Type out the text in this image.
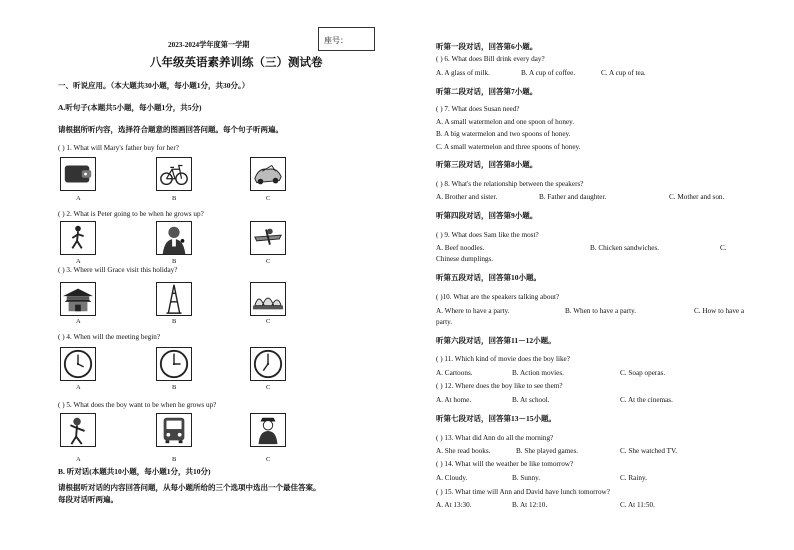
座号：
2023-2024学年度第一学期
八年级英语素养训练（三）测试卷
一、听说应用。（本大题共30小题，每小题1分，共30分。）
A.听句子(本题共5小题，每小题1分，共5分)
请根据所听内容，选择符合题意的图画回答问题。每个句子听两遍。
( ) 1. What will Mary's father buy for her?
A	B	C
( ) 2. What is Peter going to be when he grows up?
A	B	C
( ) 3. Where will Grace visit this holiday?
A	B	C
( ) 4. When will the meeting begin?
A	B	C
( ) 5. What does the boy want to be when he grows up?
A	B	C
B. 听对话(本题共10小题，每小题1分，共10分)
请根据听对话的内容回答问题，从每小题所给的三个选项中选出一个最佳答案。
每段对话听两遍。
听第一段对话，回答第6小题。
( ) 6. What does Bill drink every day?
A. A glass of milk.	B. A cup of coffee.	C. A cup of tea.
听第二段对话，回答第7小题。
( ) 7. What does Susan need?
A. A small watermelon and one spoon of honey.
B. A big watermelon and two spoons of honey.
C. A small watermelon and three spoons of honey.
听第三段对话，回答第8小题。
( ) 8. What's the relationship between the speakers?
A. Brother and sister.	B. Father and daughter.	C. Mother and son.
听第四段对话，回答第9小题。
( ) 9. What does Sam like the most?
A. Beef noodles.	B. Chicken sandwiches.	C.
Chinese dumplings.
听第五段对话，回答第10小题。
( )10. What are the speakers talking about?
A. Where to have a party.	B. When to have a party.	C. How to have a
party.
听第六段对话，回答第11－12小题。
( ) 11. Which kind of movie does the boy like?
A. Cartoons.	B. Action movies.	C. Soap operas.
( ) 12. Where does the boy like to see them?
A. At home.	B. At school.	C. At the cinemas.
听第七段对话，回答第13－15小题。
( ) 13. What did Ann do all the morning?
A. She read books.	B. She played games.	C. She watched TV.
( ) 14. What will the weather be like tomorrow?
A. Cloudy.	B. Sunny.	C. Rainy.
( ) 15. What time will Ann and David have lunch tomorrow?
A. At 13:30.	B. At 12:10.	C. At 11:50.
